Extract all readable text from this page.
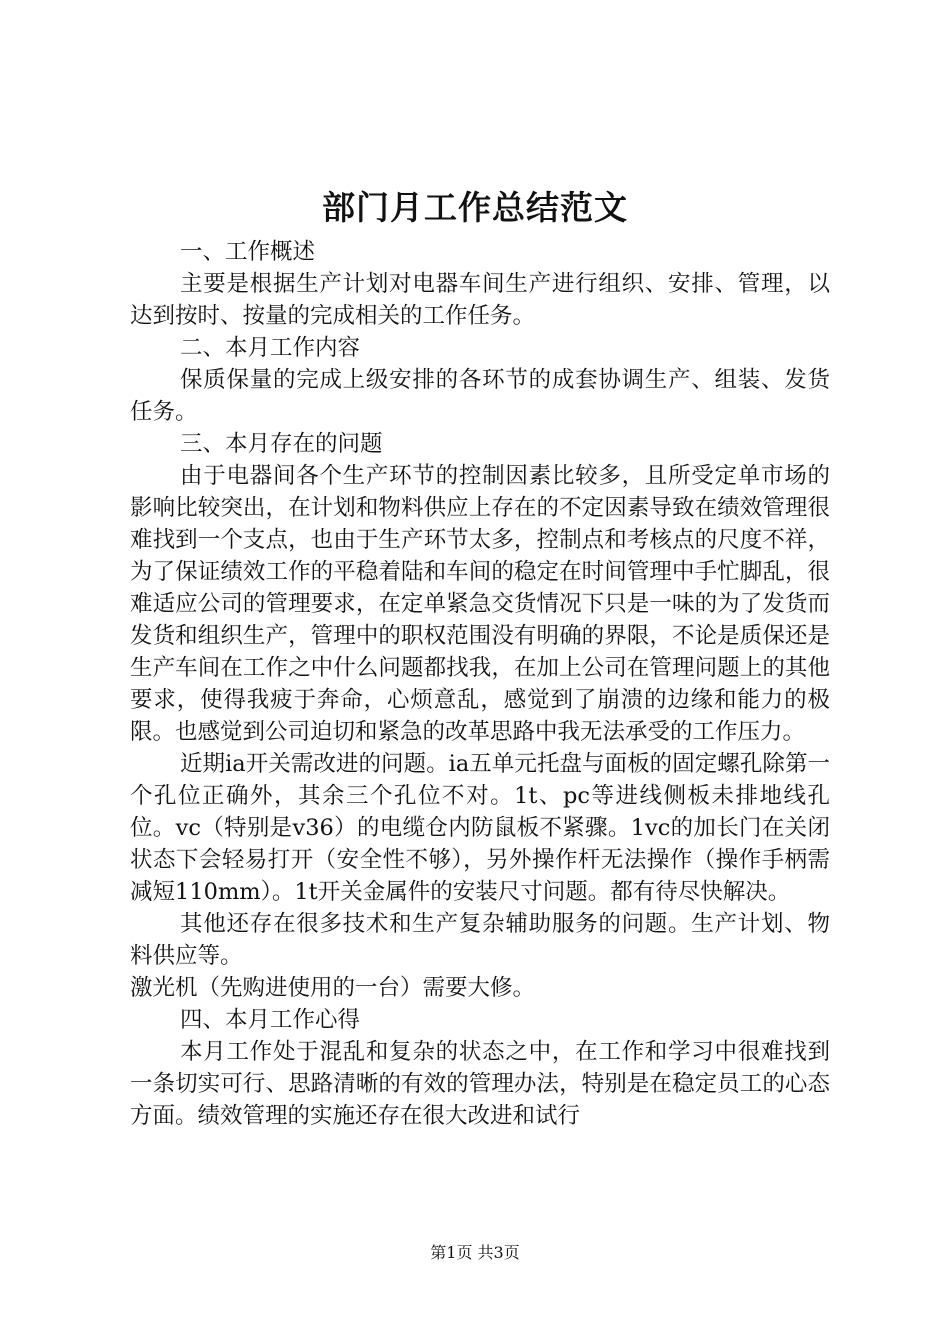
部门月工作总结范文

一、工作概述

主要是根据生产计划对电器车间生产进行组织、安排、管理，以达到按时、按量的完成相关的工作任务。

二、本月工作内容

保质保量的完成上级安排的各环节的成套协调生产、组装、发货任务。

三、本月存在的问题

由于电器间各个生产环节的控制因素比较多，且所受定单市场的影响比较突出，在计划和物料供应上存在的不定因素导致在绩效管理很难找到一个支点，也由于生产环节太多，控制点和考核点的尺度不祥，为了保证绩效工作的平稳着陆和车间的稳定在时间管理中手忙脚乱，很难适应公司的管理要求，在定单紧急交货情况下只是一味的为了发货而发货和组织生产，管理中的职权范围没有明确的界限，不论是质保还是生产车间在工作之中什么问题都找我，在加上公司在管理问题上的其他要求，使得我疲于奔命，心烦意乱，感觉到了崩溃的边缘和能力的极限。也感觉到公司迫切和紧急的改革思路中我无法承受的工作压力。

近期ia开关需改进的问题。ia五单元托盘与面板的固定螺孔除第一个孔位正确外，其余三个孔位不对。1t、pc等进线侧板未排地线孔位。vc（特别是v36）的电缆仓内防鼠板不紧骤。1vc的加长门在关闭状态下会轻易打开（安全性不够），另外操作杆无法操作（操作手柄需减短110mm）。1t开关金属件的安装尺寸问题。都有待尽快解决。

其他还存在很多技术和生产复杂辅助服务的问题。生产计划、物料供应等。

激光机（先购进使用的一台）需要大修。

四、本月工作心得

本月工作处于混乱和复杂的状态之中，在工作和学习中很难找到一条切实可行、思路清晰的有效的管理办法，特别是在稳定员工的心态方面。绩效管理的实施还存在很大改进和试行

第1页 共3页
